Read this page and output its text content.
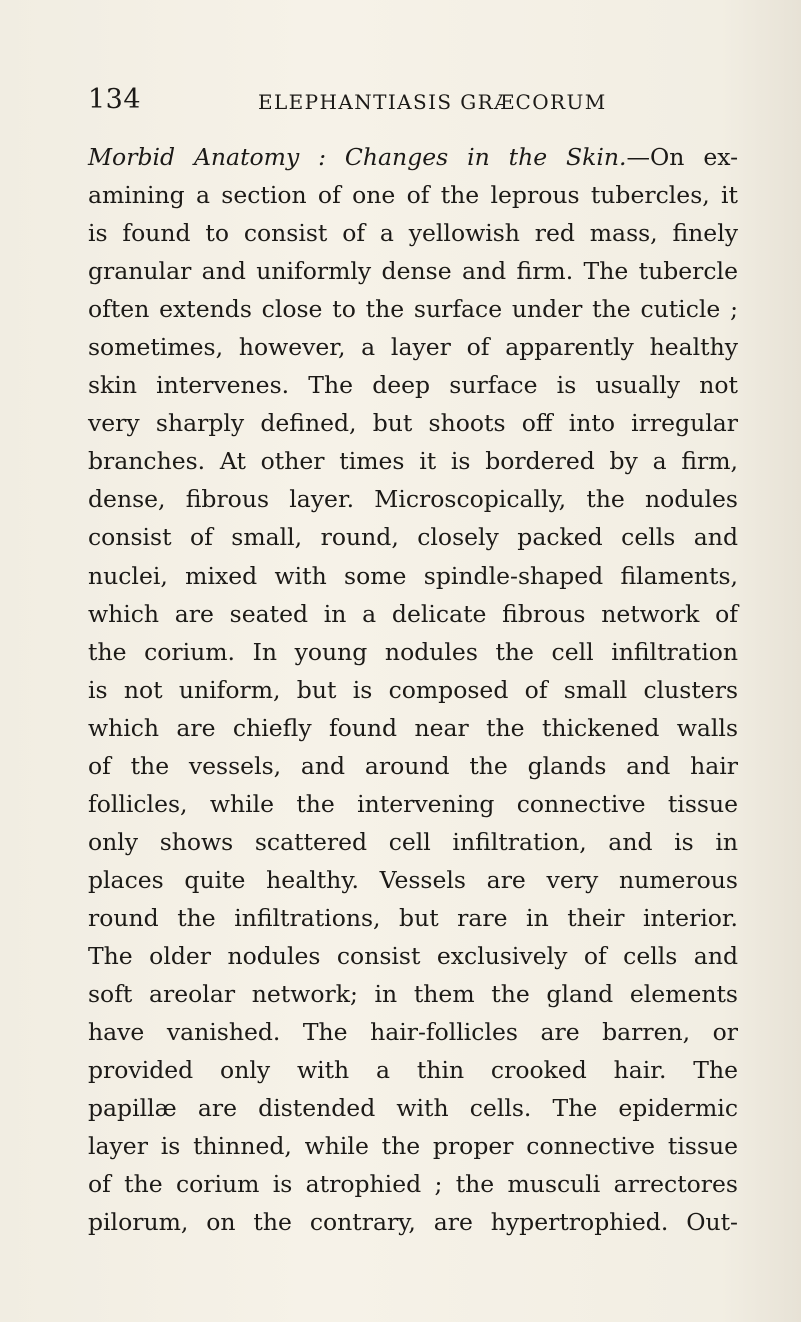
134	ELEPHANTIASIS GRÆCORUM
Morbid Anatomy : Changes in the Skin.—On ex-
amining a section of one of the leprous tubercles, it
is found to consist of a yellowish red mass, finely
granular and uniformly dense and firm. The tubercle
often extends close to the surface under the cuticle ;
sometimes, however, a layer of apparently healthy
skin intervenes. The deep surface is usually not
very sharply defined, but shoots off into irregular
branches. At other times it is bordered by a firm,
dense, fibrous layer. Microscopically, the nodules
consist of small, round, closely packed cells and
nuclei, mixed with some spindle-shaped filaments,
which are seated in a delicate fibrous network of
the corium. In young nodules the cell infiltration
is not uniform, but is composed of small clusters
which are chiefly found near the thickened walls
of the vessels, and around the glands and hair
follicles, while the intervening connective tissue
only shows scattered cell infiltration, and is in
places quite healthy. Vessels are very numerous
round the infiltrations, but rare in their interior.
The older nodules consist exclusively of cells and
soft areolar network; in them the gland elements
have vanished. The hair-follicles are barren, or
provided only with a thin crooked hair. The
papillæ are distended with cells. The epidermic
layer is thinned, while the proper connective tissue
of the corium is atrophied ; the musculi arrectores
pilorum, on the contrary, are hypertrophied. Out-
